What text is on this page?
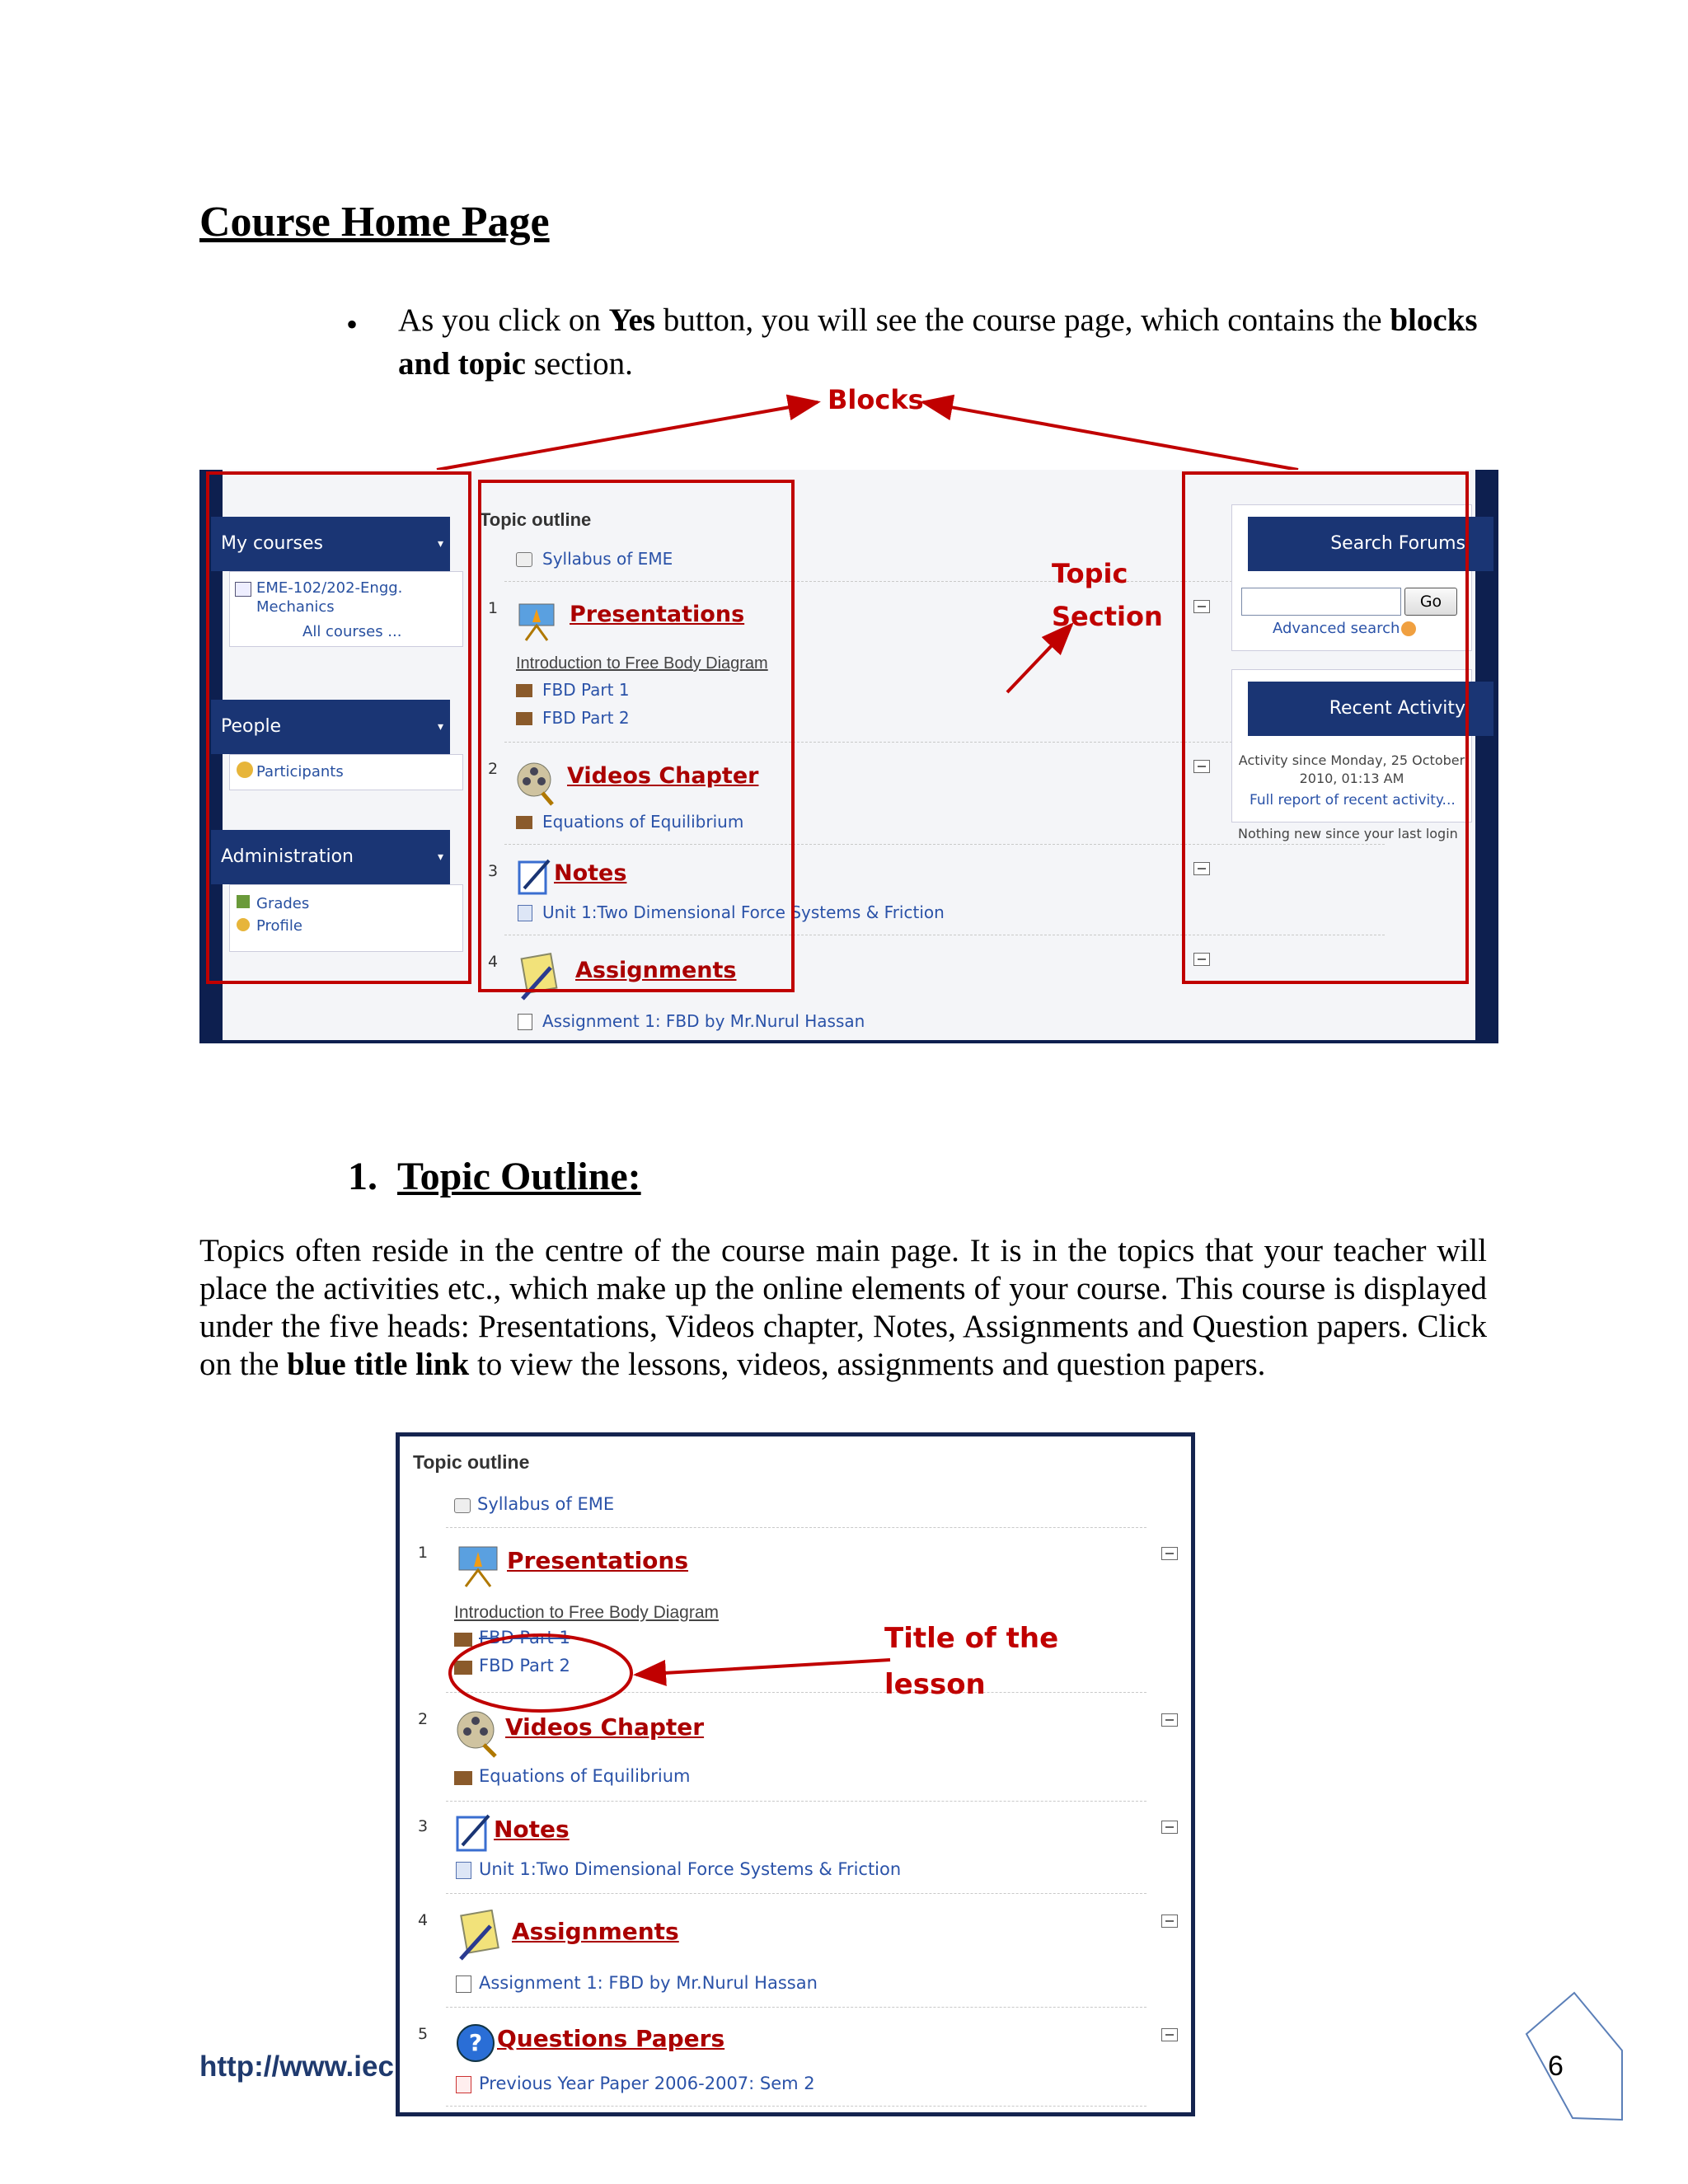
Course Home Page
• As you click on Yes button, you will see the course page, which contains the blocks and topic section.
Blocks
My courses	▾
EME-102/202-Engg.
Mechanics
All courses ...
People	▾
Participants
Administration	▾
Grades
Profile
Topic outline
Syllabus of EME
1	Presentations
Introduction to Free Body Diagram
FBD Part 1
FBD Part 2
2	Videos Chapter
Equations of Equilibrium
3	Notes
Unit 1:Two Dimensional Force Systems & Friction
4	Assignments
Assignment 1: FBD by Mr.Nurul Hassan
Search Forums
Go
Advanced search
Recent Activity
Activity since Monday, 25 October
2010, 01:13 AM
Full report of recent activity...
Nothing new since your last login
Topic
Section
1. Topic Outline:
Topics often reside in the centre of the course main page. It is in the topics that your teacher will place the activities etc., which make up the online elements of your course. This course is displayed under the five heads: Presentations, Videos chapter, Notes, Assignments and Question papers. Click on the blue title link to view the lessons, videos, assignments and question papers.
Topic outline
Syllabus of EME
1	Presentations
Introduction to Free Body Diagram
FBD Part 1
FBD Part 2
2	Videos Chapter
Equations of Equilibrium
3	Notes
Unit 1:Two Dimensional Force Systems & Friction
4	Assignments
Assignment 1: FBD by Mr.Nurul Hassan
5 ? Questions Papers
Previous Year Paper 2006-2007: Sem 2
Title of the
lesson
http://www.iec	6
